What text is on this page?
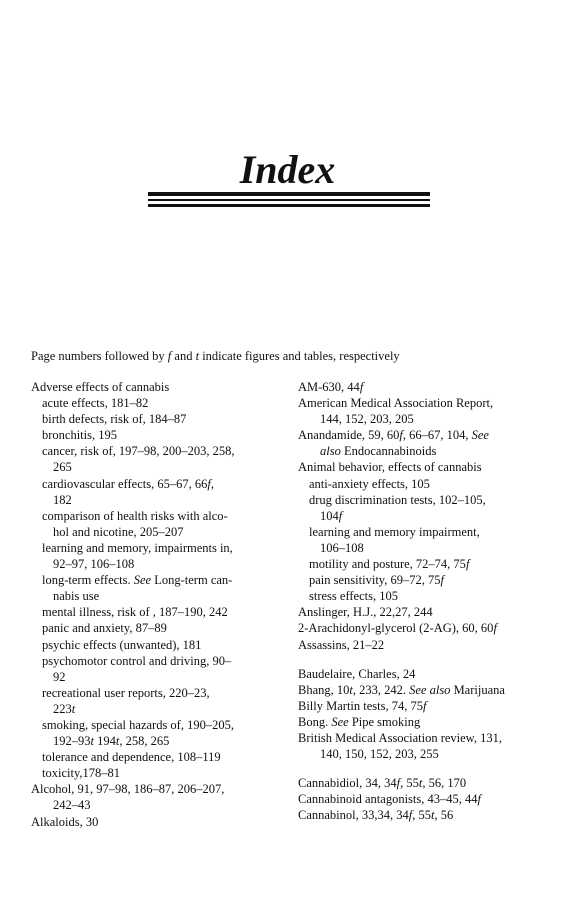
Index
Page numbers followed by f and t indicate figures and tables, respectively
Adverse effects of cannabis
acute effects, 181–82
birth defects, risk of, 184–87
bronchitis, 195
cancer, risk of, 197–98, 200–203, 258,
265
cardiovascular effects, 65–67, 66f,
182
comparison of health risks with alco-
hol and nicotine, 205–207
learning and memory, impairments in,
92–97, 106–108
long-term effects. See Long-term can-
nabis use
mental illness, risk of , 187–190, 242
panic and anxiety, 87–89
psychic effects (unwanted), 181
psychomotor control and driving, 90–
92
recreational user reports, 220–23,
223t
smoking, special hazards of, 190–205,
192–93t 194t, 258, 265
tolerance and dependence, 108–119
toxicity,178–81
Alcohol, 91, 97–98, 186–87, 206–207,
242–43
Alkaloids, 30
AM-630, 44f
American Medical Association Report,
144, 152, 203, 205
Anandamide, 59, 60f, 66–67, 104, See
also Endocannabinoids
Animal behavior, effects of cannabis
anti-anxiety effects, 105
drug discrimination tests, 102–105,
104f
learning and memory impairment,
106–108
motility and posture, 72–74, 75f
pain sensitivity, 69–72, 75f
stress effects, 105
Anslinger, H.J., 22,27, 244
2-Arachidonyl-glycerol (2-AG), 60, 60f
Assassins, 21–22
Baudelaire, Charles, 24
Bhang, 10t, 233, 242. See also Marijuana
Billy Martin tests, 74, 75f
Bong. See Pipe smoking
British Medical Association review, 131,
140, 150, 152, 203, 255
Cannabidiol, 34, 34f, 55t, 56, 170
Cannabinoid antagonists, 43–45, 44f
Cannabinol, 33,34, 34f, 55t, 56
